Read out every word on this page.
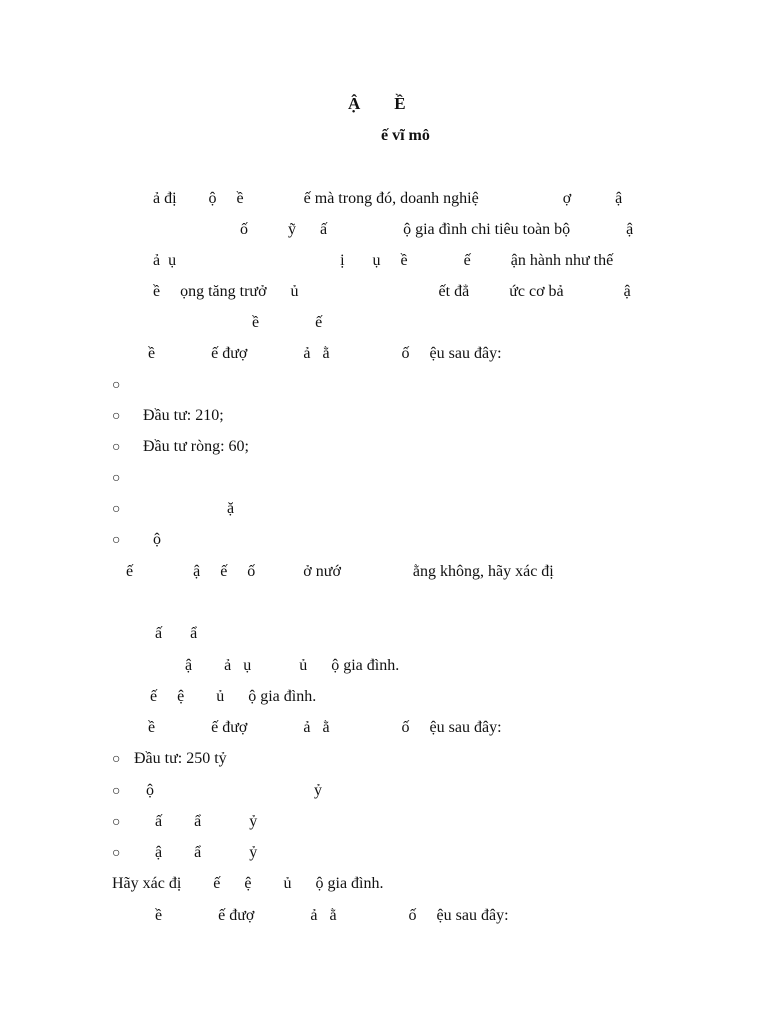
Ậ        Ề
ế vĩ mô
ả đị        ộ     ề               ế mà trong đó, doanh nghiệ                     ợ           ậ
ố          ỹ      ấ                   ộ gia đình chi tiêu toàn bộ              ậ
ả  ụ                                         ị       ụ     ề              ế          ận hành như thế
ề     ọng tăng trưở      ủ                                   ết đẳ          ức cơ bả               ậ
ề              ế
ề              ế đượ              ả   ằ                  ố     ệu sau đây:
○
○ Đầu tư: 210;
○ Đầu tư ròng: 60;
○
○ ặ
○ ộ
ế               ậ     ế     ố            ở nướ                  ằng không, hãy xác đị
ấ       ẩ
ậ        ả   ụ            ủ      ộ gia đình.
ế     ệ        ủ      ộ gia đình.
ề              ế đượ              ả   ằ                  ố     ệu sau đây:
○ Đầu tư: 250 tỷ
○ ộ                                        ỷ
○ ấ        ẩ            ỷ
○ ậ        ẩ            ỷ
Hãy xác đị        ế      ệ        ủ      ộ gia đình.
ề              ế đượ              ả   ằ                  ố     ệu sau đây:
